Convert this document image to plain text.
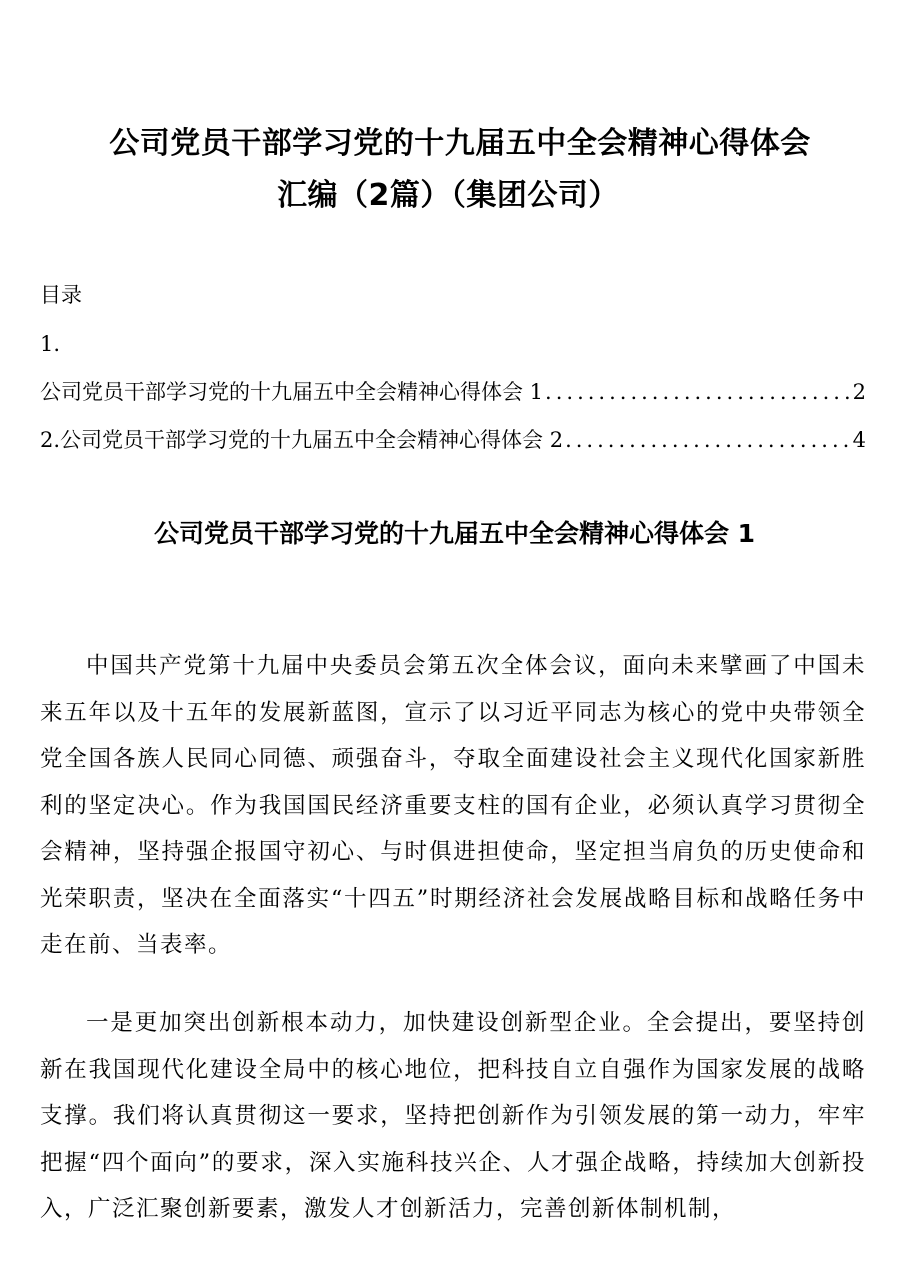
公司党员干部学习党的十九届五中全会精神心得体会
汇编（2篇）（集团公司）
目录
1.
公司党员干部学习党的十九届五中全会精神心得体会 1 .....	2
2.公司党员干部学习党的十九届五中全会精神心得体会 2 .....	4
公司党员干部学习党的十九届五中全会精神心得体会 1
中国共产党第十九届中央委员会第五次全体会议，面向未来擘画了中国未来五年以及十五年的发展新蓝图，宣示了以习近平同志为核心的党中央带领全党全国各族人民同心同德、顽强奋斗，夺取全面建设社会主义现代化国家新胜利的坚定决心。作为我国国民经济重要支柱的国有企业，必须认真学习贯彻全会精神，坚持强企报国守初心、与时俱进担使命，坚定担当肩负的历史使命和光荣职责，坚决在全面落实“十四五”时期经济社会发展战略目标和战略任务中走在前、当表率。
一是更加突出创新根本动力，加快建设创新型企业。全会提出，要坚持创新在我国现代化建设全局中的核心地位，把科技自立自强作为国家发展的战略支撑。我们将认真贯彻这一要求，坚持把创新作为引领发展的第一动力，牢牢把握“四个面向”的要求，深入实施科技兴企、人才强企战略，持续加大创新投入，广泛汇聚创新要素，激发人才创新活力，完善创新体制机制，
